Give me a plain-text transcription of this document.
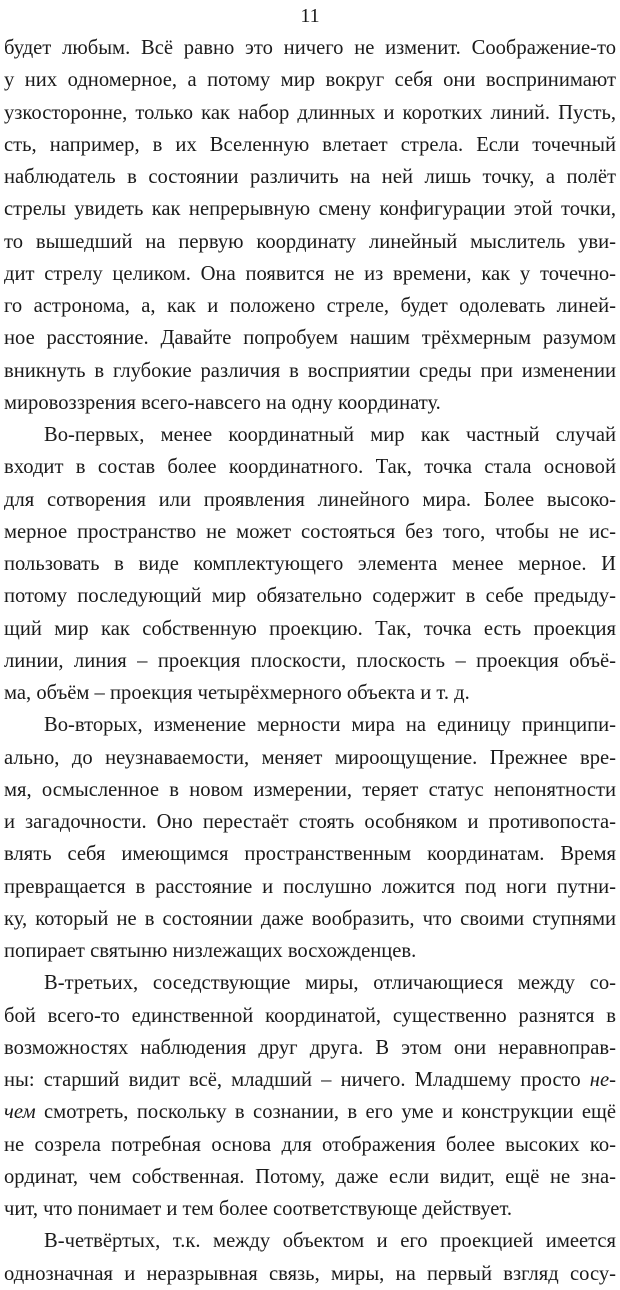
11
будет любым. Всё равно это ничего не изменит. Соображение-то
у них одномерное, а потому мир вокруг себя они воспринимают
узкосторонне, только как набор длинных и коротких линий. Пусть,
сть, например, в их Вселенную влетает стрела. Если точечный
наблюдатель в состоянии различить на ней лишь точку, а полёт
стрелы увидеть как непрерывную смену конфигурации этой точки,
то вышедший на первую координату линейный мыслитель уви-
дит стрелу целиком. Она появится не из времени, как у точечно-
го астронома, а, как и положено стреле, будет одолевать линей-
ное расстояние. Давайте попробуем нашим трёхмерным разумом
вникнуть в глубокие различия в восприятии среды при изменении
мировоззрения всего-навсего на одну координату.
Во-первых, менее координатный мир как частный случай
входит в состав более координатного. Так, точка стала основой
для сотворения или проявления линейного мира. Более высоко-
мерное пространство не может состояться без того, чтобы не ис-
пользовать в виде комплектующего элемента менее мерное. И
потому последующий мир обязательно содержит в себе предыду-
щий мир как собственную проекцию. Так, точка есть проекция
линии, линия – проекция плоскости, плоскость – проекция объё-
ма, объём – проекция четырёхмерного объекта и т. д.
Во-вторых, изменение мерности мира на единицу принципи-
ально, до неузнаваемости, меняет мироощущение. Прежнее вре-
мя, осмысленное в новом измерении, теряет статус непонятности
и загадочности. Оно перестаёт стоять особняком и противопоста-
влять себя имеющимся пространственным координатам. Время
превращается в расстояние и послушно ложится под ноги путни-
ку, который не в состоянии даже вообразить, что своими ступнями
попирает святыню низлежащих восхожденцев.
В-третьих, соседствующие миры, отличающиеся между со-
бой всего-то единственной координатой, существенно разнятся в
возможностях наблюдения друг друга. В этом они неравноправ-
ны: старший видит всё, младший – ничего. Младшему просто не-
чем смотреть, поскольку в сознании, в его уме и конструкции ещё
не созрела потребная основа для отображения более высоких ко-
ординат, чем собственная. Потому, даже если видит, ещё не зна-
чит, что понимает и тем более соответствующе действует.
В-четвёртых, т.к. между объектом и его проекцией имеется
однозначная и неразрывная связь, миры, на первый взгляд сосу-
